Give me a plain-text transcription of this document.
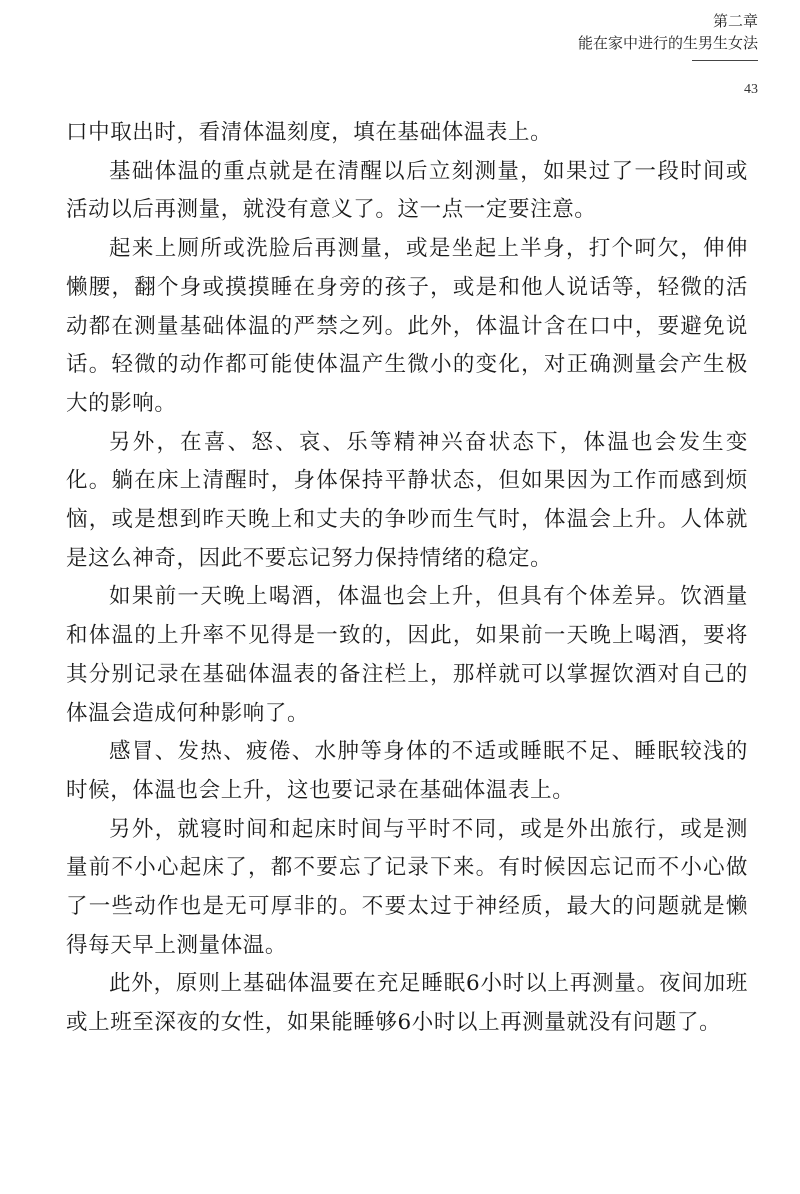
第二章
能在家中进行的生男生女法
43

口中取出时，看清体温刻度，填在基础体温表上。

基础体温的重点就是在清醒以后立刻测量，如果过了一段时间或活动以后再测量，就没有意义了。这一点一定要注意。

起来上厕所或洗脸后再测量，或是坐起上半身，打个呵欠，伸伸懒腰，翻个身或摸摸睡在身旁的孩子，或是和他人说话等，轻微的活动都在测量基础体温的严禁之列。此外，体温计含在口中，要避免说话。轻微的动作都可能使体温产生微小的变化，对正确测量会产生极大的影响。

另外，在喜、怒、哀、乐等精神兴奋状态下，体温也会发生变化。躺在床上清醒时，身体保持平静状态，但如果因为工作而感到烦恼，或是想到昨天晚上和丈夫的争吵而生气时，体温会上升。人体就是这么神奇，因此不要忘记努力保持情绪的稳定。

如果前一天晚上喝酒，体温也会上升，但具有个体差异。饮酒量和体温的上升率不见得是一致的，因此，如果前一天晚上喝酒，要将其分别记录在基础体温表的备注栏上，那样就可以掌握饮酒对自己的体温会造成何种影响了。

感冒、发热、疲倦、水肿等身体的不适或睡眠不足、睡眠较浅的时候，体温也会上升，这也要记录在基础体温表上。

另外，就寝时间和起床时间与平时不同，或是外出旅行，或是测量前不小心起床了，都不要忘了记录下来。有时候因忘记而不小心做了一些动作也是无可厚非的。不要太过于神经质，最大的问题就是懒得每天早上测量体温。

此外，原则上基础体温要在充足睡眠6小时以上再测量。夜间加班或上班至深夜的女性，如果能睡够6小时以上再测量就没有问题了。
